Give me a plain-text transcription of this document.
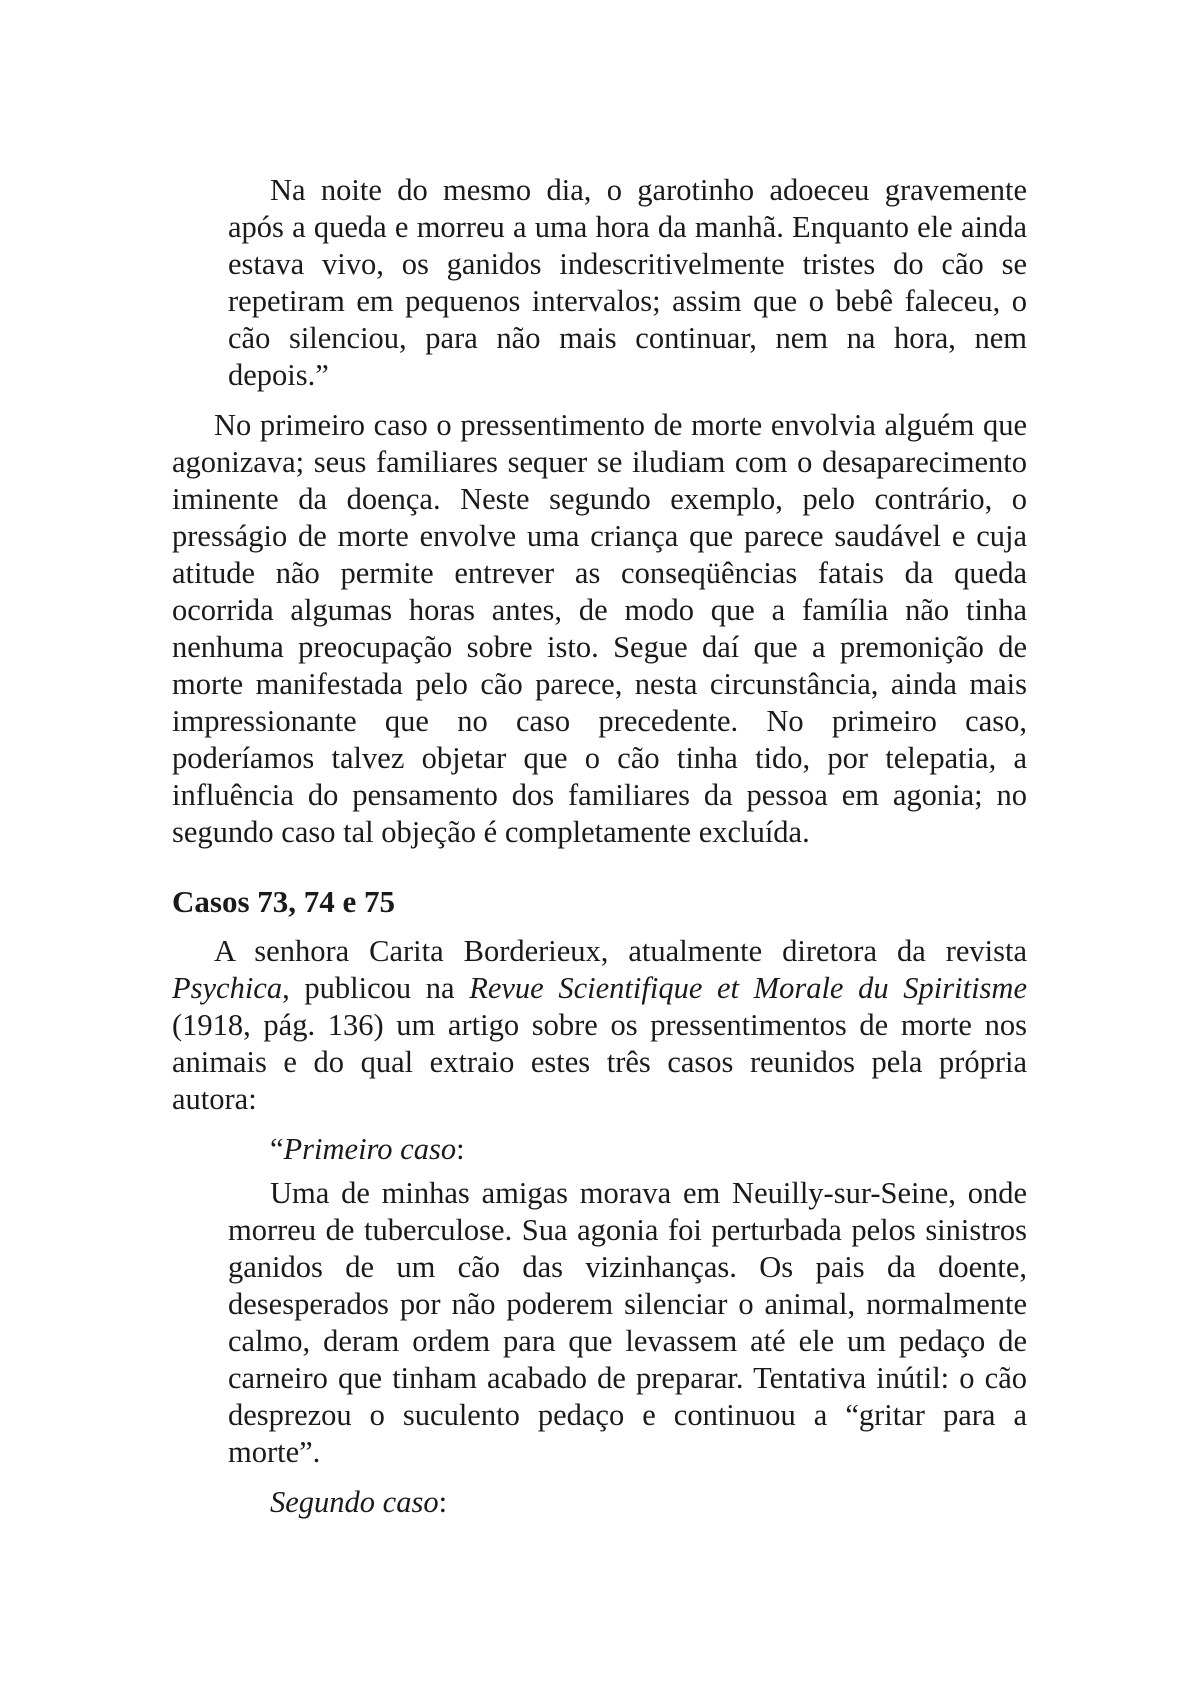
Na noite do mesmo dia, o garotinho adoeceu gravemente após a queda e morreu a uma hora da manhã. Enquanto ele ainda estava vivo, os ganidos indescritivelmente tristes do cão se repetiram em pequenos intervalos; assim que o bebê faleceu, o cão silenciou, para não mais continuar, nem na hora, nem depois.”

No primeiro caso o pressentimento de morte envolvia alguém que agonizava; seus familiares sequer se iludiam com o desaparecimento iminente da doença. Neste segundo exemplo, pelo contrário, o presságio de morte envolve uma criança que parece saudável e cuja atitude não permite entrever as conseqüências fatais da queda ocorrida algumas horas antes, de modo que a família não tinha nenhuma preocupação sobre isto. Segue daí que a premonição de morte manifestada pelo cão parece, nesta circunstância, ainda mais impressionante que no caso precedente. No primeiro caso, poderíamos talvez objetar que o cão tinha tido, por telepatia, a influência do pensamento dos familiares da pessoa em agonia; no segundo caso tal objeção é completamente excluída.

Casos 73, 74 e 75

A senhora Carita Borderieux, atualmente diretora da revista Psychica, publicou na Revue Scientifique et Morale du Spiritisme (1918, pág. 136) um artigo sobre os pressentimentos de morte nos animais e do qual extraio estes três casos reunidos pela própria autora:

“Primeiro caso:

Uma de minhas amigas morava em Neuilly-sur-Seine, onde morreu de tuberculose. Sua agonia foi perturbada pelos sinistros ganidos de um cão das vizinhanças. Os pais da doente, desesperados por não poderem silenciar o animal, normalmente calmo, deram ordem para que levassem até ele um pedaço de carneiro que tinham acabado de preparar. Tentativa inútil: o cão desprezou o suculento pedaço e continuou a “gritar para a morte”.

Segundo caso:
